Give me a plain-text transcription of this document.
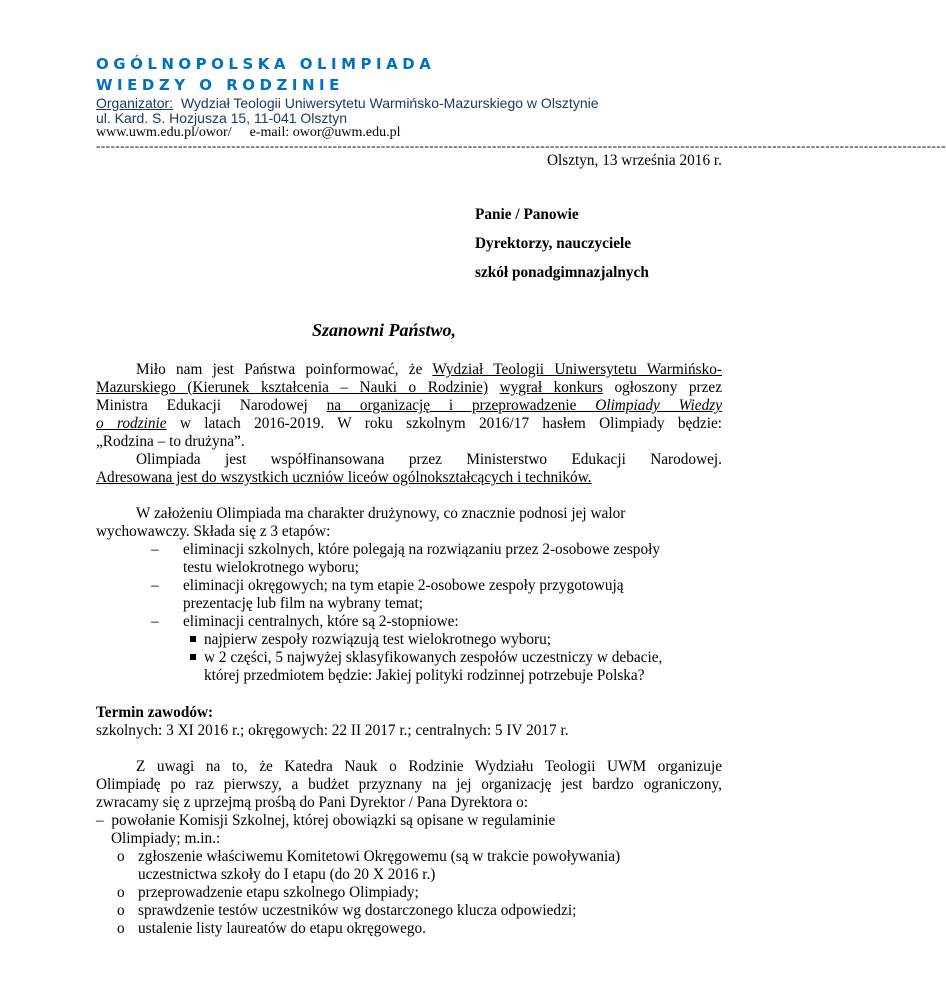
OGÓLNOPOLSKA OLIMPIADA
WIEDZY O RODZINIE
Organizator: Wydział Teologii Uniwersytetu Warmińsko-Mazurskiego w Olsztynie
ul. Kard. S. Hozjusza 15, 11-041 Olsztyn
www.uwm.edu.pl/owor/ e-mail: owor@uwm.edu.pl
--------------------------------------------------------------------------------------------------------------------------------------------------------------------------------
Olsztyn, 13 września 2016 r.
Panie / Panowie
Dyrektorzy, nauczyciele
szkół ponadgimnazjalnych
Szanowni Państwo,
Miło nam jest Państwa poinformować, że Wydział Teologii Uniwersytetu Warmińsko-
Mazurskiego (Kierunek kształcenia – Nauki o Rodzinie) wygrał konkurs ogłoszony przez
Ministra Edukacji Narodowej na organizację i przeprowadzenie Olimpiady Wiedzy
o rodzinie w latach 2016-2019. W roku szkolnym 2016/17 hasłem Olimpiady będzie:
„Rodzina – to drużyna”.
Olimpiada jest współfinansowana przez Ministerstwo Edukacji Narodowej.
Adresowana jest do wszystkich uczniów liceów ogólnokształcących i techników.
W założeniu Olimpiada ma charakter drużynowy, co znacznie podnosi jej walor
wychowawczy. Składa się z 3 etapów:
– eliminacji szkolnych, które polegają na rozwiązaniu przez 2-osobowe zespoły
testu wielokrotnego wyboru;
– eliminacji okręgowych; na tym etapie 2-osobowe zespoły przygotowują
prezentację lub film na wybrany temat;
– eliminacji centralnych, które są 2-stopniowe:
najpierw zespoły rozwiązują test wielokrotnego wyboru;
w 2 części, 5 najwyżej sklasyfikowanych zespołów uczestniczy w debacie,
której przedmiotem będzie: Jakiej polityki rodzinnej potrzebuje Polska?
Termin zawodów:
szkolnych: 3 XI 2016 r.; okręgowych: 22 II 2017 r.; centralnych: 5 IV 2017 r.
Z uwagi na to, że Katedra Nauk o Rodzinie Wydziału Teologii UWM organizuje
Olimpiadę po raz pierwszy, a budżet przyznany na jej organizację jest bardzo ograniczony,
zwracamy się z uprzejmą prośbą do Pani Dyrektor / Pana Dyrektora o:
– powołanie Komisji Szkolnej, której obowiązki są opisane w regulaminie
Olimpiady; m.in.:
o zgłoszenie właściwemu Komitetowi Okręgowemu (są w trakcie powoływania)
uczestnictwa szkoły do I etapu (do 20 X 2016 r.)
o przeprowadzenie etapu szkolnego Olimpiady;
o sprawdzenie testów uczestników wg dostarczonego klucza odpowiedzi;
o ustalenie listy laureatów do etapu okręgowego.
